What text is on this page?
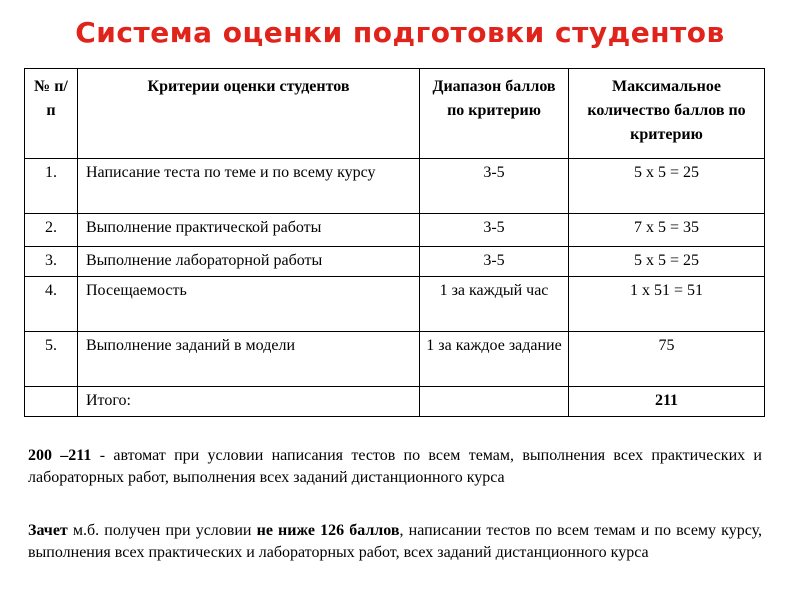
Система оценки подготовки студентов
№ п/п	Критерии оценки студентов	Диапазон баллов по критерию	Максимальное количество баллов по критерию
1.	Написание теста по теме и по всему курсу	3-5	5 х 5 = 25
2.	Выполнение практической работы	3-5	7 х 5 = 35
3.	Выполнение лабораторной работы	3-5	5 х 5 = 25
4.	Посещаемость	1 за каждый час	1 х 51 = 51
5.	Выполнение заданий в модели	1 за каждое задание	75
	Итого:		211
200 –211 - автомат при условии написания тестов по всем темам, выполнения всех практических и лабораторных работ, выполнения всех заданий дистанционного курса
Зачет м.б. получен при условии не ниже 126 баллов, написании тестов по всем темам и по всему курсу, выполнения всех практических и лабораторных работ, всех заданий дистанционного курса
